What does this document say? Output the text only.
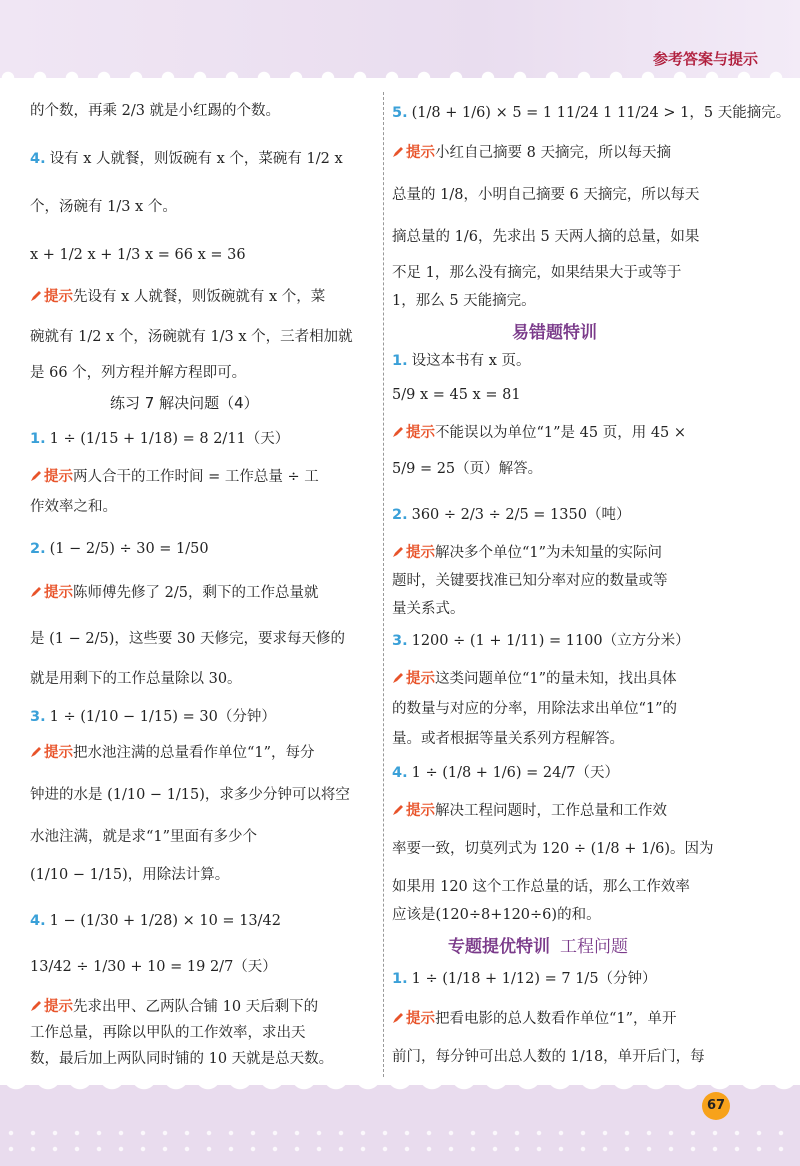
参考答案与提示
的个数，再乘 2/3 就是小红踢的个数。
4. 设有 x 人就餐，则饭碗有 x 个，菜碗有 1/2 x
个，汤碗有 1/3 x 个。
x + 1/2 x + 1/3 x = 66 x = 36
提示先设有 x 人就餐，则饭碗就有 x 个，菜
碗就有 1/2 x 个，汤碗就有 1/3 x 个，三者相加就
是 66 个，列方程并解方程即可。
练习 7 解决问题（4）
1. 1 ÷ (1/15 + 1/18) = 8 2/11（天）
提示两人合干的工作时间 = 工作总量 ÷ 工
作效率之和。
2. (1 − 2/5) ÷ 30 = 1/50
提示陈师傅先修了 2/5，剩下的工作总量就
是 (1 − 2/5)，这些要 30 天修完，要求每天修的
就是用剩下的工作总量除以 30。
3. 1 ÷ (1/10 − 1/15) = 30（分钟）
提示把水池注满的总量看作单位“1”，每分
钟进的水是 (1/10 − 1/15)，求多少分钟可以将空
水池注满，就是求“1”里面有多少个
(1/10 − 1/15)，用除法计算。
4. 1 − (1/30 + 1/28) × 10 = 13/42
13/42 ÷ 1/30 + 10 = 19 2/7（天）
提示先求出甲、乙两队合铺 10 天后剩下的
工作总量，再除以甲队的工作效率，求出天
数，最后加上两队同时铺的 10 天就是总天数。
5. (1/8 + 1/6) × 5 = 1 11/24 1 11/24 > 1，5 天能摘完。
提示小红自己摘要 8 天摘完，所以每天摘
总量的 1/8，小明自己摘要 6 天摘完，所以每天
摘总量的 1/6，先求出 5 天两人摘的总量，如果
不足 1，那么没有摘完，如果结果大于或等于
1，那么 5 天能摘完。
易错题特训
1. 设这本书有 x 页。
5/9 x = 45 x = 81
提示不能误以为单位“1”是 45 页，用 45 ×
5/9 = 25（页）解答。
2. 360 ÷ 2/3 ÷ 2/5 = 1350（吨）
提示解决多个单位“1”为未知量的实际问
题时，关键要找准已知分率对应的数量或等
量关系式。
3. 1200 ÷ (1 + 1/11) = 1100（立方分米）
提示这类问题单位“1”的量未知，找出具体
的数量与对应的分率，用除法求出单位“1”的
量。或者根据等量关系列方程解答。
4. 1 ÷ (1/8 + 1/6) = 24/7（天）
提示解决工程问题时，工作总量和工作效
率要一致，切莫列式为 120 ÷ (1/8 + 1/6)。因为
如果用 120 这个工作总量的话，那么工作效率
应该是(120÷8+120÷6)的和。
专题提优特训 工程问题
1. 1 ÷ (1/18 + 1/12) = 7 1/5（分钟）
提示把看电影的总人数看作单位“1”，单开
前门，每分钟可出总人数的 1/18，单开后门，每
67
